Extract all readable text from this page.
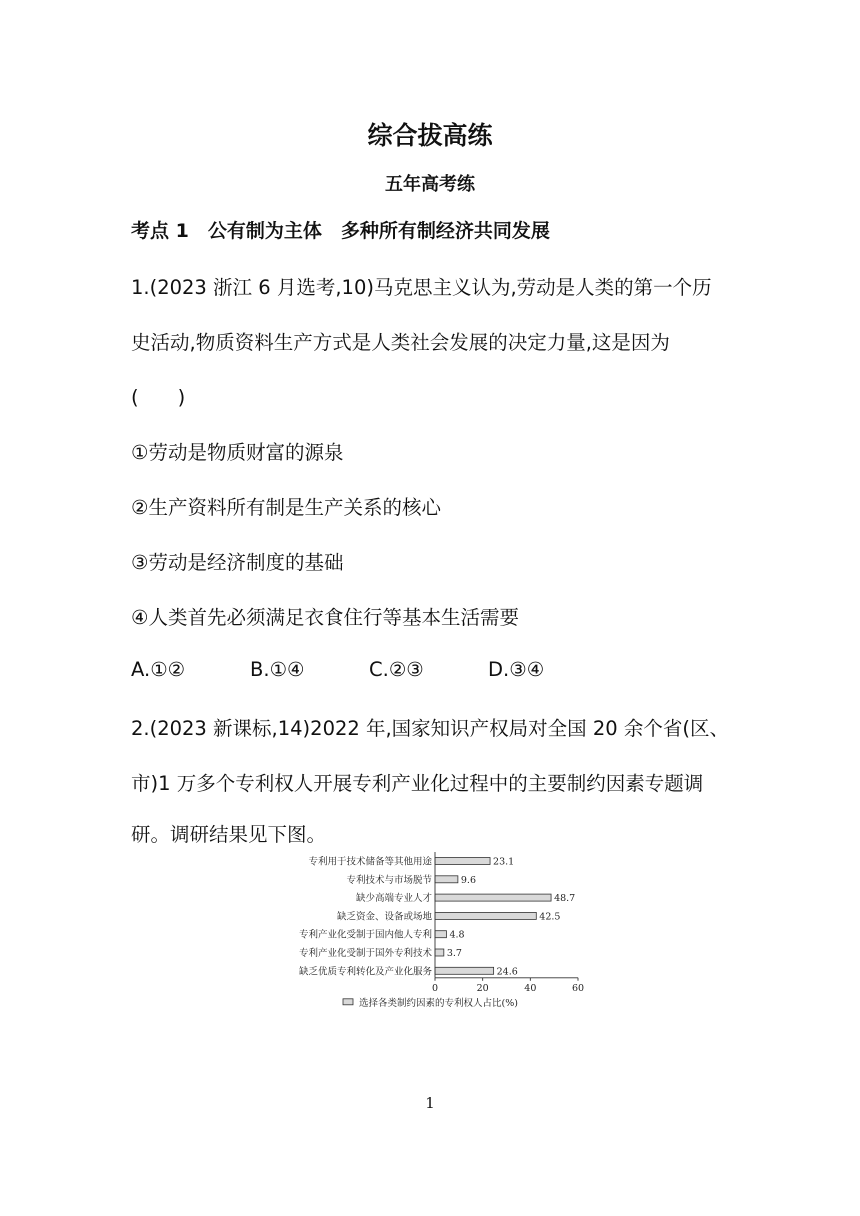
综合拔高练
五年高考练
考点 1　公有制为主体　多种所有制经济共同发展
1.(2023 浙江 6 月选考,10)马克思主义认为,劳动是人类的第一个历
史活动,物质资料生产方式是人类社会发展的决定力量,这是因为
(　　)
①劳动是物质财富的源泉
②生产资料所有制是生产关系的核心
③劳动是经济制度的基础
④人类首先必须满足衣食住行等基本生活需要
A.①②	B.①④	C.②③	D.③④
2.(2023 新课标,14)2022 年,国家知识产权局对全国 20 余个省(区、
市)1 万多个专利权人开展专利产业化过程中的主要制约因素专题调
研。调研结果见下图。
专利用于技术储备等其他用途	23.1
专利技术与市场脱节	9.6
缺少高端专业人才	48.7
缺乏资金、设备或场地	42.5
专利产业化受制于国内他人专利 4.8
专利产业化受制于国外专利技术 3.7
缺乏优质专利转化及产业化服务	24.6
0	20	40	60
选择各类制约因素的专利权人占比(%)
1
